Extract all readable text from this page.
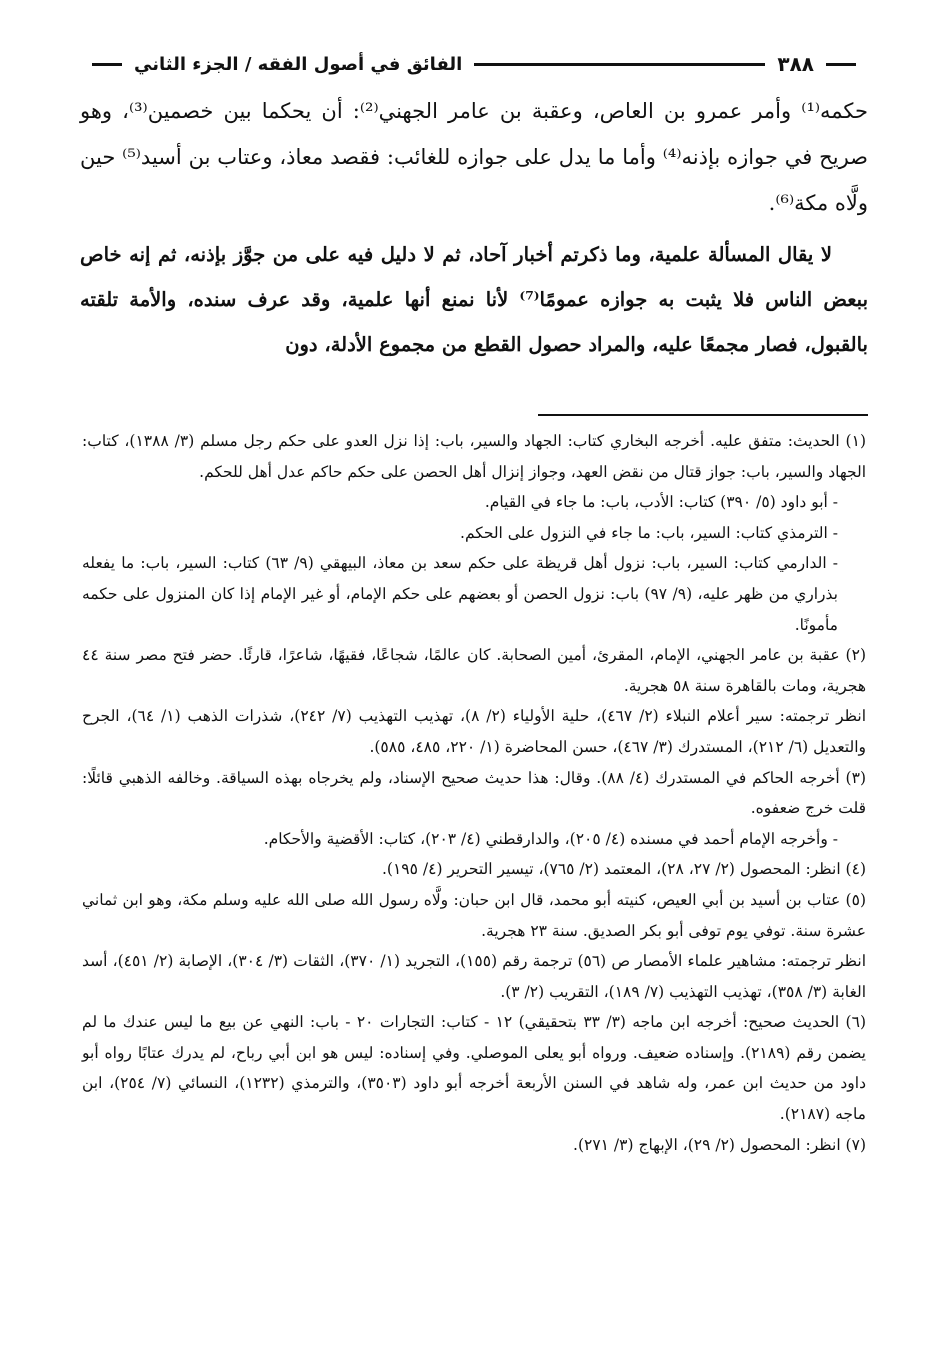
٣٨٨
الفائق في أصول الفقه / الجزء الثاني

حكمه⁽¹⁾ وأمر عمرو بن العاص، وعقبة بن عامر الجهني⁽²⁾: أن يحكما بين خصمين⁽³⁾، وهو صريح في جوازه بإذنه⁽⁴⁾ وأما ما يدل على جوازه للغائب: فقصد معاذ، وعتاب بن أسيد⁽⁵⁾ حين ولَّاه مكة⁽⁶⁾.

لا يقال المسألة علمية، وما ذكرتم أخبار آحاد، ثم لا دليل فيه على من جوَّز بإذنه، ثم إنه خاص ببعض الناس فلا يثبت به جوازه عمومًا⁽⁷⁾ لأنا نمنع أنها علمية، وقد عرف سنده، والأمة تلقته بالقبول، فصار مجمعًا عليه، والمراد حصول القطع من مجموع الأدلة، دون

(١) الحديث: متفق عليه. أخرجه البخاري كتاب: الجهاد والسير، باب: إذا نزل العدو على حكم رجل مسلم (٣/ ١٣٨٨)، كتاب: الجهاد والسير، باب: جواز قتال من نقض العهد، وجواز إنزال أهل الحصن على حكم حاكم عدل أهل للحكم.

- أبو داود (٥/ ٣٩٠) كتاب: الأدب، باب: ما جاء في القيام.

- الترمذي كتاب: السير، باب: ما جاء في النزول على الحكم.

- الدارمي كتاب: السير، باب: نزول أهل قريظة على حكم سعد بن معاذ، البيهقي (٩/ ٦٣) كتاب: السير، باب: ما يفعله بذراري من ظهر عليه، (٩/ ٩٧) باب: نزول الحصن أو بعضهم على حكم الإمام، أو غير الإمام إذا كان المنزول على حكمه مأمونًا.

(٢) عقبة بن عامر الجهني، الإمام، المقرئ، أمين الصحابة. كان عالمًا، شجاعًا، فقيهًا، شاعرًا، قارئًا. حضر فتح مصر سنة ٤٤ هجرية، ومات بالقاهرة سنة ٥٨ هجرية.

انظر ترجمته: سير أعلام النبلاء (٢/ ٤٦٧)، حلية الأولياء (٢/ ٨)، تهذيب التهذيب (٧/ ٢٤٢)، شذرات الذهب (١/ ٦٤)، الجرح والتعديل (٦/ ٢١٢)، المستدرك (٣/ ٤٦٧)، حسن المحاضرة (١/ ٢٢٠، ٤٨٥، ٥٨٥).

(٣) أخرجه الحاكم في المستدرك (٤/ ٨٨). وقال: هذا حديث صحيح الإسناد، ولم يخرجاه بهذه السياقة. وخالفه الذهبي قائلًا: قلت خرج ضعفوه.

- وأخرجه الإمام أحمد في مسنده (٤/ ٢٠٥)، والدارقطني (٤/ ٢٠٣)، كتاب: الأقضية والأحكام.

(٤) انظر: المحصول (٢/ ٢٧، ٢٨)، المعتمد (٢/ ٧٦٥)، تيسير التحرير (٤/ ١٩٥).

(٥) عتاب بن أسيد بن أبي العيص، كنيته أبو محمد، قال ابن حبان: ولَّاه رسول الله صلى الله عليه وسلم مكة، وهو ابن ثماني عشرة سنة. توفي يوم توفى أبو بكر الصديق. سنة ٢٣ هجرية.

انظر ترجمته: مشاهير علماء الأمصار ص (٥٦) ترجمة رقم (١٥٥)، التجريد (١/ ٣٧٠)، الثقات (٣/ ٣٠٤)، الإصابة (٢/ ٤٥١)، أسد الغابة (٣/ ٣٥٨)، تهذيب التهذيب (٧/ ١٨٩)، التقريب (٢/ ٣).

(٦) الحديث صحيح: أخرجه ابن ماجه (٣/ ٣٣ بتحقيقي) ١٢ - كتاب: التجارات ٢٠ - باب: النهي عن بيع ما ليس عندك ما لم يضمن رقم (٢١٨٩). وإسناده ضعيف. ورواه أبو يعلى الموصلي. وفي إسناده: ليس هو ابن أبي رباح، لم يدرك عتابًا رواه أبو داود من حديث ابن عمر، وله شاهد في السنن الأربعة أخرجه أبو داود (٣٥٠٣)، والترمذي (١٢٣٢)، النسائي (٧/ ٢٥٤)، ابن ماجه (٢١٨٧).

(٧) انظر: المحصول (٢/ ٢٩)، الإبهاج (٣/ ٢٧١).
